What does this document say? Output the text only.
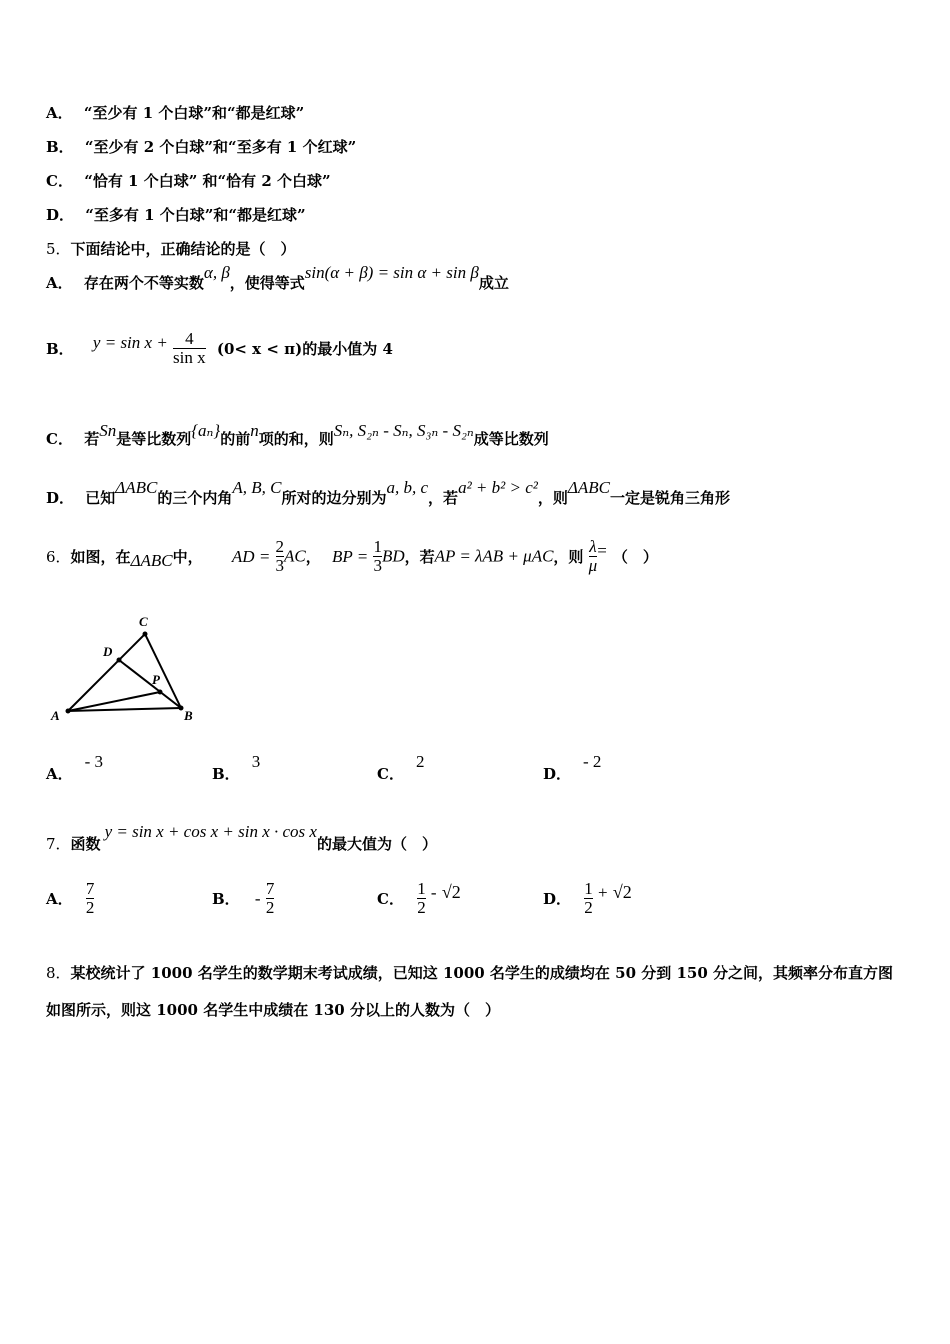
A． “至少有 1 个白球”和“都是红球”
B． “至少有 2 个白球”和“至多有 1 个红球”
C． “恰有 1 个白球” 和“恰有 2 个白球”
D． “至多有 1 个白球”和“都是红球”
5．下面结论中，正确结论的是（　）
A． 存在两个不等实数α, β，使得等式sin(α + β) = sin α + sin β成立
B． $y = \sin x + \frac{4}{\text{sin x}} (0< x < \pi)$的最小值为 4
C． 若Sn是等比数列{aₙ}的前n项的和，则Sₙ, S₂ₙ - Sₙ, S₃ₙ - S₂ₙ成等比数列
D． 已知ΔABC的三个内角A, B, C所对的边分别为a, b, c，若a² + b² > c²，则ΔABC一定是锐角三角形
6．如图，在ΔABC中， AD = $\frac{2}{3}$ AC， BP = $\frac{1}{3}$ BD，若AP = λAB + μAC，则 $\frac{\lambda}{\mu}$ = （　）
A	B
C
D
P
A．- 3
B．3
C．2
D．- 2
7．函数y = sin x + cos x + sin x · cos x的最大值为（　）
A． $\frac{7}{2}$	B． - $\frac{7}{2}$	C． $\frac{1}{2} - √2$	D． $\frac{1}{2} + √2$
8．某校统计了 1000 名学生的数学期末考试成绩，已知这 1000 名学生的成绩均在 50 分到 150 分之间，其频率分布直方图如图所示，则这 1000 名学生中成绩在 130 分以上的人数为（　）
